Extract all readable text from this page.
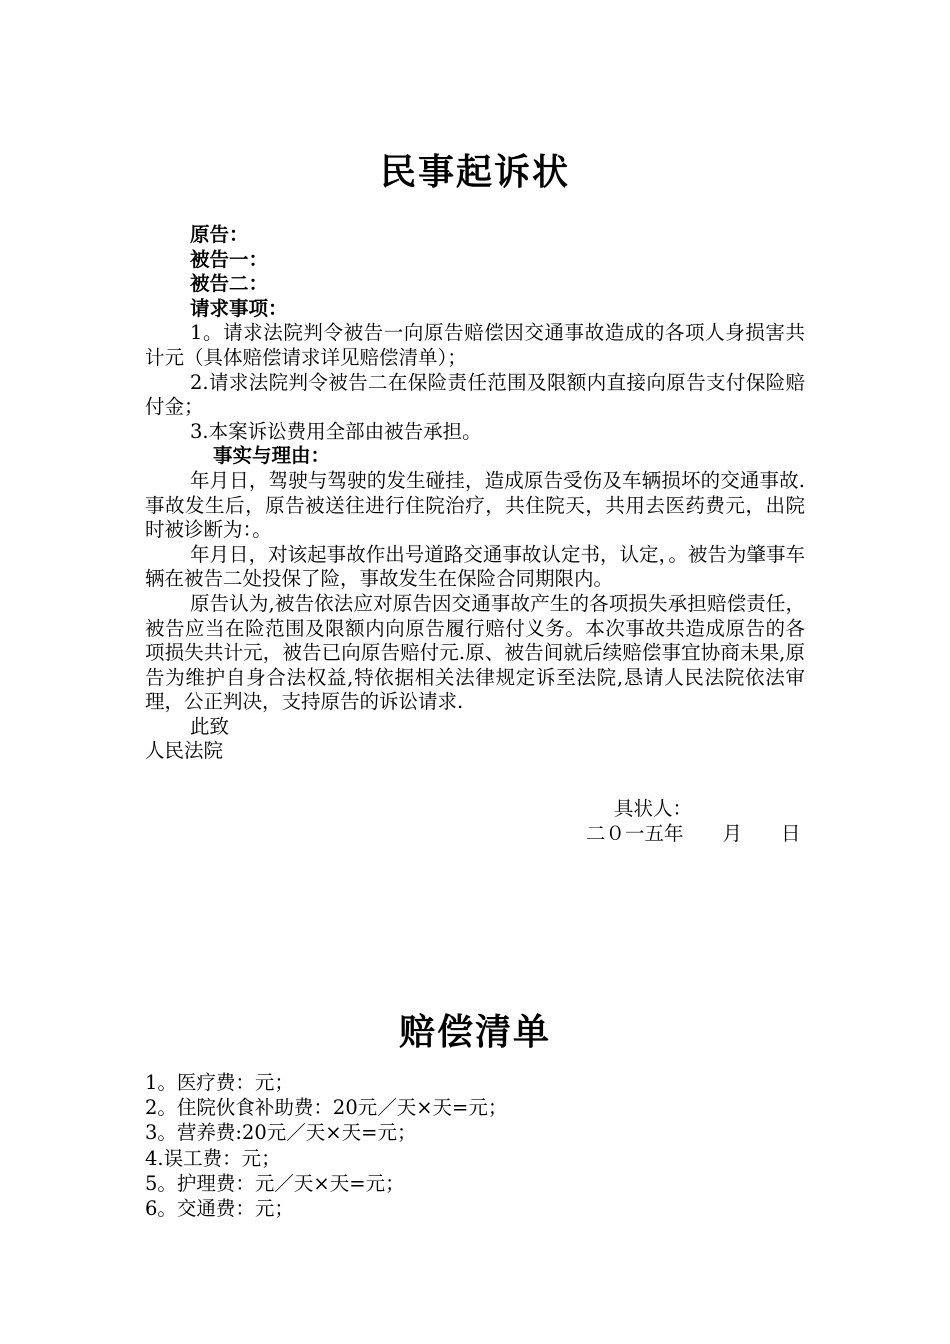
民事起诉状
原告：
被告一：
被告二：
请求事项：
1。请求法院判令被告一向原告赔偿因交通事故造成的各项人身损害共计元（具体赔偿请求详见赔偿清单）；
2.请求法院判令被告二在保险责任范围及限额内直接向原告支付保险赔付金；
3.本案诉讼费用全部由被告承担。
事实与理由：
年月日，驾驶与驾驶的发生碰挂，造成原告受伤及车辆损坏的交通事故.事故发生后，原告被送往进行住院治疗，共住院天，共用去医药费元，出院时被诊断为：。
年月日，对该起事故作出号道路交通事故认定书，认定，。被告为肇事车辆在被告二处投保了险，事故发生在保险合同期限内。
原告认为,被告依法应对原告因交通事故产生的各项损失承担赔偿责任，被告应当在险范围及限额内向原告履行赔付义务。本次事故共造成原告的各项损失共计元，被告已向原告赔付元.原、被告间就后续赔偿事宜协商未果,原告为维护自身合法权益,特依据相关法律规定诉至法院,恳请人民法院依法审理，公正判决，支持原告的诉讼请求.
此致
人民法院
具状人：
二０一五年　　月　　日
赔偿清单
1。医疗费：元；
2。住院伙食补助费：20元／天×天=元；
3。营养费:20元／天×天=元；
4.误工费：元；
5。护理费：元／天×天=元；
6。交通费：元；
